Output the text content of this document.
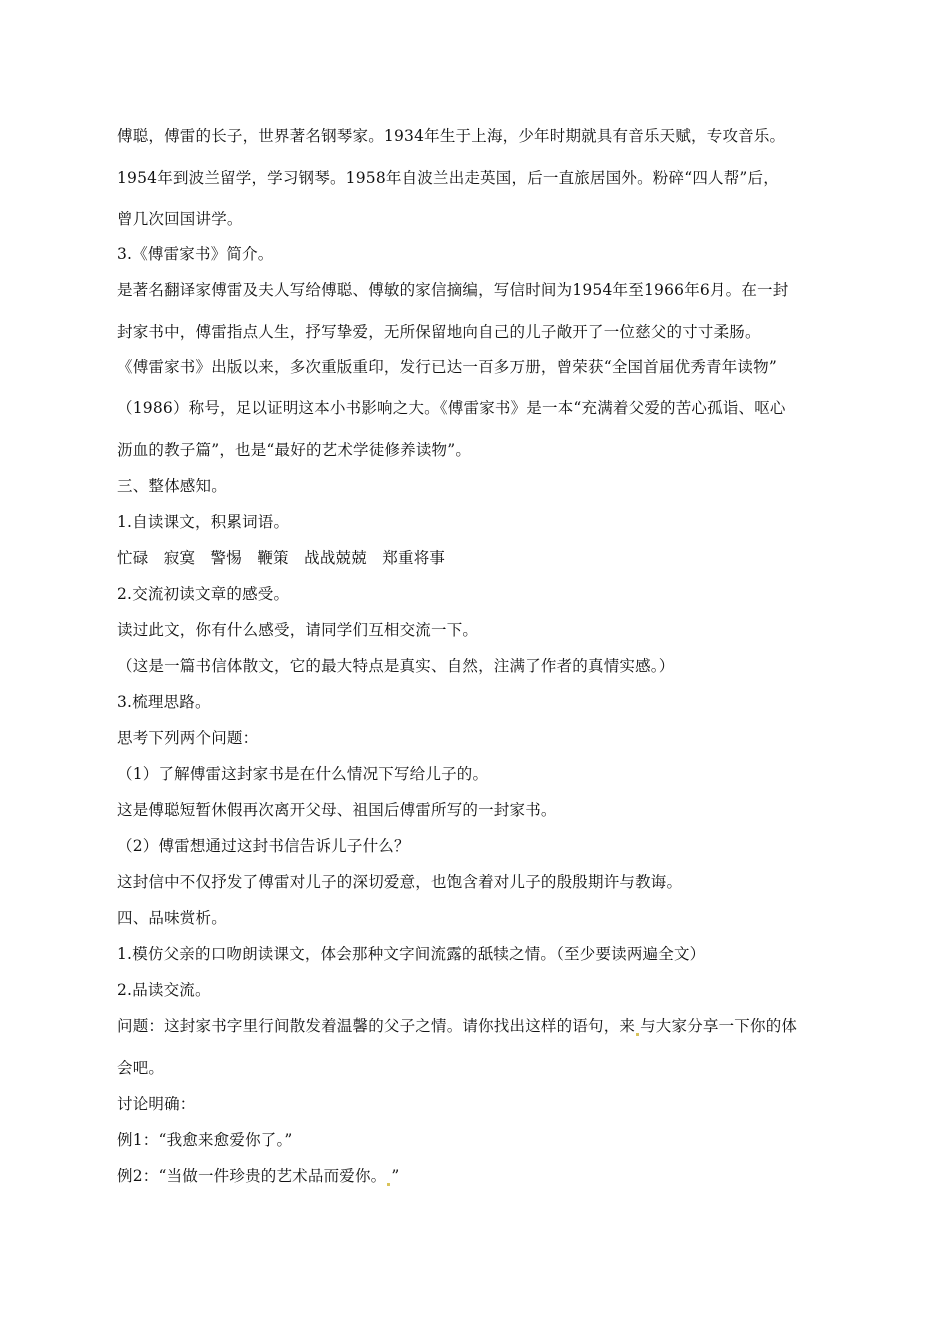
傅聪，傅雷的长子，世界著名钢琴家。1934年生于上海，少年时期就具有音乐天赋，专攻音乐。
1954年到波兰留学，学习钢琴。1958年自波兰出走英国，后一直旅居国外。粉碎“四人帮”后，
曾几次回国讲学。
3.《傅雷家书》简介。
是著名翻译家傅雷及夫人写给傅聪、傅敏的家信摘编，写信时间为1954年至1966年6月。在一封
封家书中，傅雷指点人生，抒写挚爱，无所保留地向自己的儿子敞开了一位慈父的寸寸柔肠。
《傅雷家书》出版以来，多次重版重印，发行已达一百多万册，曾荣获“全国首届优秀青年读物”
（1986）称号，足以证明这本小书影响之大。《傅雷家书》是一本“充满着父爱的苦心孤诣、呕心
沥血的教子篇”，也是“最好的艺术学徒修养读物”。
三、整体感知。
1.自读课文，积累词语。
忙碌   寂寞   警惕   鞭策   战战兢兢   郑重将事
2.交流初读文章的感受。
读过此文，你有什么感受，请同学们互相交流一下。
（这是一篇书信体散文，它的最大特点是真实、自然，注满了作者的真情实感。）
3.梳理思路。
思考下列两个问题：
（1）了解傅雷这封家书是在什么情况下写给儿子的。
这是傅聪短暂休假再次离开父母、祖国后傅雷所写的一封家书。
（2）傅雷想通过这封书信告诉儿子什么？
这封信中不仅抒发了傅雷对儿子的深切爱意，也饱含着对儿子的殷殷期许与教诲。
四、品味赏析。
1.模仿父亲的口吻朗读课文，体会那种文字间流露的舐犊之情。（至少要读两遍全文）
2.品读交流。
问题：这封家书字里行间散发着温馨的父子之情。请你找出这样的语句，来 与大家分享一下你的体
会吧。
讨论明确：
例1：“我愈来愈爱你了。”
例2：“当做一件珍贵的艺术品而爱你。 ”
